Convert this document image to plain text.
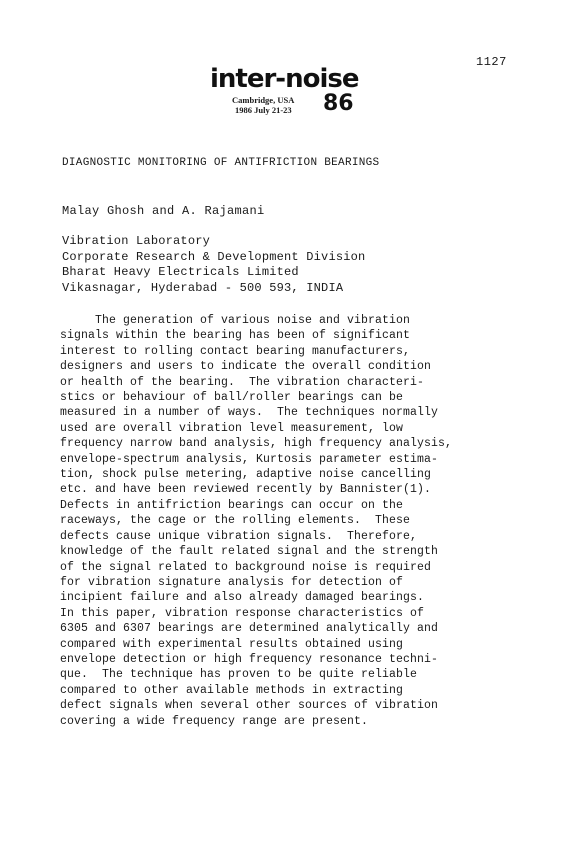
1127
inter-noise
Cambridge, USA
1986 July 21-23 86
DIAGNOSTIC MONITORING OF ANTIFRICTION BEARINGS
Malay Ghosh and A. Rajamani
Vibration Laboratory
Corporate Research & Development Division
Bharat Heavy Electricals Limited
Vikasnagar, Hyderabad - 500 593, INDIA
The generation of various noise and vibration
signals within the bearing has been of significant
interest to rolling contact bearing manufacturers,
designers and users to indicate the overall condition
or health of the bearing.  The vibration characteri-
stics or behaviour of ball/roller bearings can be
measured in a number of ways.  The techniques normally
used are overall vibration level measurement, low
frequency narrow band analysis, high frequency analysis,
envelope-spectrum analysis, Kurtosis parameter estima-
tion, shock pulse metering, adaptive noise cancelling
etc. and have been reviewed recently by Bannister(1).
Defects in antifriction bearings can occur on the
raceways, the cage or the rolling elements.  These
defects cause unique vibration signals.  Therefore,
knowledge of the fault related signal and the strength
of the signal related to background noise is required
for vibration signature analysis for detection of
incipient failure and also already damaged bearings.
In this paper, vibration response characteristics of
6305 and 6307 bearings are determined analytically and
compared with experimental results obtained using
envelope detection or high frequency resonance techni-
que.  The technique has proven to be quite reliable
compared to other available methods in extracting
defect signals when several other sources of vibration
covering a wide frequency range are present.
